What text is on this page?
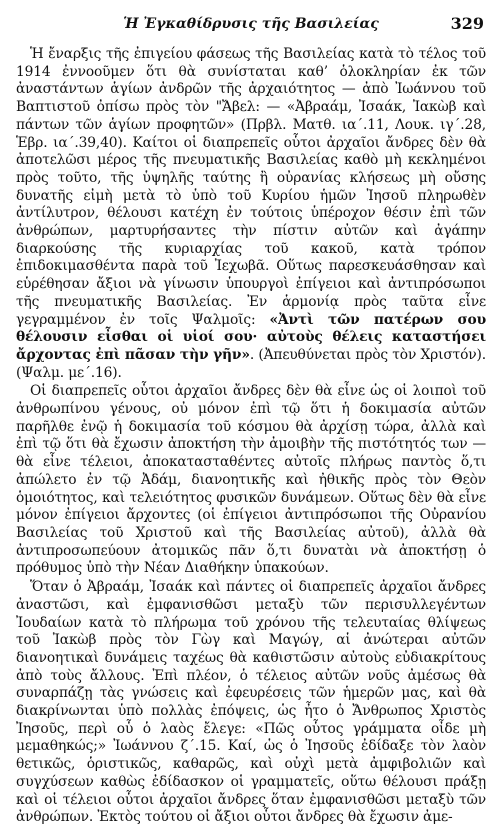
Ἡ Ἐγκαθίδρυσις τῆς Βασιλείας	329

Ἡ ἔναρξις τῆς ἐπιγείου φάσεως τῆς Βασιλείας κατὰ τὸ τέλος τοῦ 1914 ἐννοοῦμεν ὅτι θὰ συνίσταται καθ’ ὁλοκληρίαν ἐκ τῶν ἀναστάντων ἁγίων ἀνδρῶν τῆς ἀρχαιότητος — ἀπὸ Ἰωάννου τοῦ Βαπτιστοῦ ὀπίσω πρὸς τὸν "Ἄβελ: — «Ἀβραάμ, Ἰσαάκ, Ἰακὼβ καὶ πάντων τῶν ἁγίων προφητῶν» (Πρβλ. Ματθ. ια΄.11, Λουκ. ιγ΄.28, Ἑβρ. ια΄.39,40). Καίτοι οἱ διαπρεπεῖς οὗτοι ἀρχαῖοι ἄνδρες δὲν θὰ ἀποτελῶσι μέρος τῆς πνευματικῆς Βασιλείας καθὸ μὴ κεκλημένοι πρὸς τοῦτο, τῆς ὑψηλῆς ταύτης ἢ οὐρανίας κλήσεως μὴ οὔσης δυνατῆς εἰμὴ μετὰ τὸ ὑπὸ τοῦ Κυρίου ἡμῶν Ἰησοῦ πληρωθὲν ἀντίλυτρον, θέλουσι κατέχη ἐν τούτοις ὑπέροχον θέσιν ἐπὶ τῶν ἀνθρώπων, μαρτυρήσαντες τὴν πίστιν αὐτῶν καὶ ἀγάπην διαρκούσης τῆς κυριαρχίας τοῦ κακοῦ, κατὰ τρόπον ἐπιδοκιμασθέντα παρὰ τοῦ Ἰεχωβᾶ. Οὕτως παρεσκευάσθησαν καὶ εὑρέθησαν ἄξιοι νὰ γίνωσιν ὑπουργοὶ ἐπίγειοι καὶ ἀντιπρόσωποι τῆς πνευματικῆς Βασιλείας. Ἐν ἁρμονίᾳ πρὸς ταῦτα εἶνε γεγραμμένον ἐν τοῖς Ψαλμοῖς: «Ἀντὶ τῶν πατέρων σου θέλουσιν εἶσθαι οἱ υἱοί σου· αὐτοὺς θέλεις καταστήσει ἄρχοντας ἐπὶ πᾶσαν τὴν γῆν». (Ἀπευθύνεται πρὸς τὸν Χριστόν). (Ψαλμ. με΄.16).

Οἱ διαπρεπεῖς οὗτοι ἀρχαῖοι ἄνδρες δὲν θὰ εἶνε ὡς οἱ λοιποὶ τοῦ ἀνθρωπίνου γένους, οὐ μόνον ἐπὶ τῷ ὅτι ἡ δοκιμασία αὐτῶν παρῆλθε ἐνῷ ἡ δοκιμασία τοῦ κόσμου θὰ ἀρχίσῃ τώρα, ἀλλὰ καὶ ἐπὶ τῷ ὅτι θὰ ἔχωσιν ἀποκτήση τὴν ἀμοιβὴν τῆς πιστότητός των — θὰ εἶνε τέλειοι, ἀποκατασταθέντες αὐτοῖς πλήρως παντὸς ὅ,τι ἀπώλετο ἐν τῷ Ἀδάμ, διανοητικῆς καὶ ἠθικῆς πρὸς τὸν Θεὸν ὁμοιότητος, καὶ τελειότητος φυσικῶν δυνάμεων. Οὕτως δὲν θὰ εἶνε μόνον ἐπίγειοι ἄρχοντες (οἱ ἐπίγειοι ἀντιπρόσωποι τῆς Οὐρανίου Βασιλείας τοῦ Χριστοῦ καὶ τῆς Βασιλείας αὐτοῦ), ἀλλὰ θὰ ἀντιπροσωπεύουν ἀτομικῶς πᾶν ὅ,τι δυνατὰι νὰ ἀποκτήσῃ ὁ πρόθυμος ὑπὸ τὴν Νέαν Διαθήκην ὑπακούων.

Ὅταν ὁ Ἀβραάμ, Ἰσαάκ καὶ πάντες οἱ διαπρεπεῖς ἀρχαῖοι ἄνδρες ἀναστῶσι, καὶ ἐμφανισθῶσι μεταξὺ τῶν περισυλλεγέντων Ἰουδαίων κατὰ τὸ πλήρωμα τοῦ χρόνου τῆς τελευταίας θλίψεως τοῦ Ἰακὼβ πρὸς τὸν Γὼγ καὶ Μαγώγ, αἱ ἀνώτεραι αὐτῶν διανοητικαὶ δυνάμεις ταχέως θὰ καθιστῶσιν αὐτοὺς εὐδιακρίτους ἀπὸ τοὺς ἄλλους. Ἐπὶ πλέον, ὁ τέλειος αὐτῶν νοῦς ἀμέσως θὰ συναρπάζῃ τὰς γνώσεις καὶ ἐφευρέσεις τῶν ἡμερῶν μας, καὶ θὰ διακρίνωνται ὑπὸ πολλὰς ἐπόψεις, ὡς ἦτο ὁ Ἄνθρωπος Χριστὸς Ἰησοῦς, περὶ οὗ ὁ λαὸς ἔλεγε: «Πῶς οὗτος γράμματα οἶδε μὴ μεμαθηκώς;» Ἰωάννου ζ΄.15. Καί, ὡς ὁ Ἰησοῦς ἐδίδαξε τὸν λαὸν θετικῶς, ὁριστικῶς, καθαρῶς, καὶ οὐχὶ μετὰ ἀμφιβολιῶν καὶ συγχύσεων καθὼς ἐδίδασκον οἱ γραμματεῖς, οὕτω θέλουσι πράξῃ καὶ οἱ τέλειοι οὗτοι ἀρχαῖοι ἄνδρες ὅταν ἐμφανισθῶσι μεταξὺ τῶν ἀνθρώπων. Ἐκτὸς τούτου οἱ ἄξιοι οὗτοι ἄνδρες θὰ ἔχωσιν ἀμε-
